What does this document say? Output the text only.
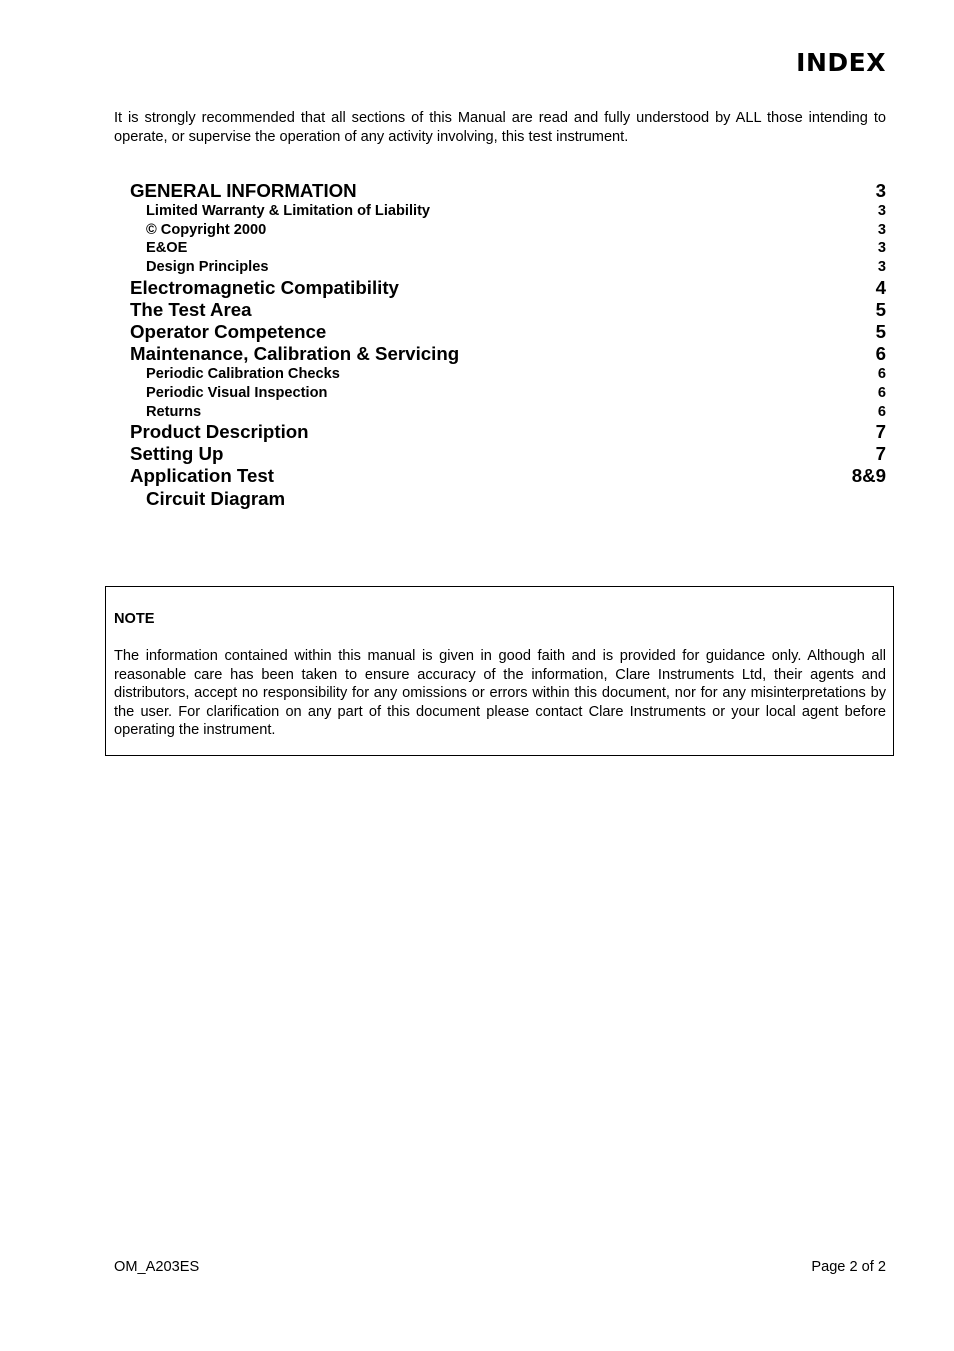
INDEX

It is strongly recommended that all sections of this Manual are read and fully understood by ALL those intending to operate, or supervise the operation of any activity involving, this test instrument.

GENERAL INFORMATION	3
Limited Warranty & Limitation of Liability	3
© Copyright 2000	3
E&OE	3
Design Principles	3
Electromagnetic Compatibility	4
The Test Area	5
Operator Competence	5
Maintenance, Calibration & Servicing	6
Periodic Calibration Checks	6
Periodic Visual Inspection	6
Returns	6
Product Description	7
Setting Up	7
Application Test	8&9
Circuit Diagram

NOTE

The information contained within this manual is given in good faith and is provided for guidance only. Although all reasonable care has been taken to ensure accuracy of the information, Clare Instruments Ltd, their agents and distributors, accept no responsibility for any omissions or errors within this document, nor for any misinterpretations by the user. For clarification on any part of this document please contact Clare Instruments or your local agent before operating the instrument.

OM_A203ES	Page 2 of 2
